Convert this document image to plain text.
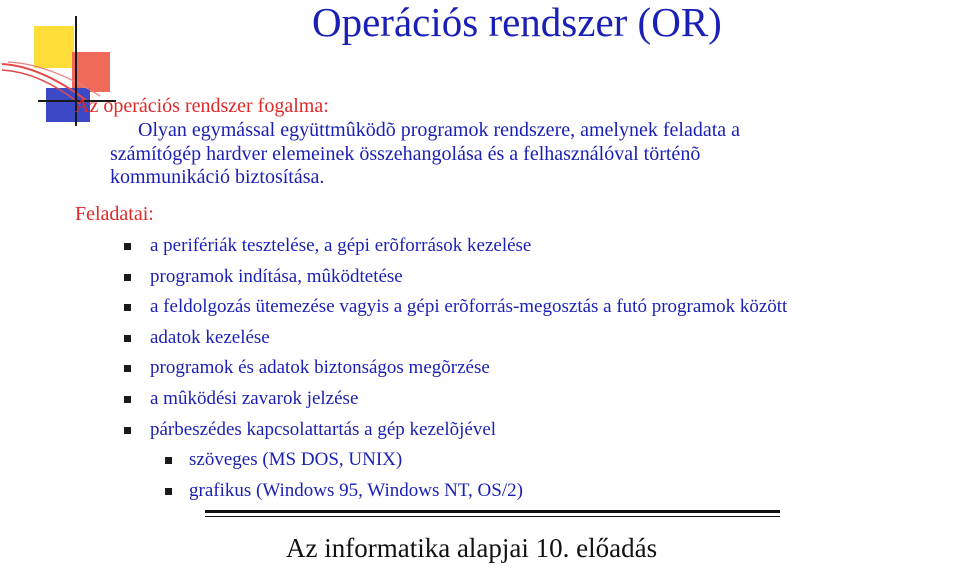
Operációs rendszer (OR)
Az operációs rendszer fogalma:
Olyan egymással együttmûködõ programok rendszere, amelynek feladata a
számítógép hardver elemeinek összehangolása és a felhasználóval történõ
kommunikáció biztosítása.
Feladatai:
a perifériák tesztelése, a gépi erõforrások kezelése
programok indítása, mûködtetése
a feldolgozás ütemezése vagyis a gépi erõforrás-megosztás a futó programok között
adatok kezelése
programok és adatok biztonságos megõrzése
a mûködési zavarok jelzése
párbeszédes kapcsolattartás a gép kezelõjével
szöveges (MS DOS, UNIX)
grafikus (Windows 95, Windows NT, OS/2)
Az informatika alapjai 10. előadás
